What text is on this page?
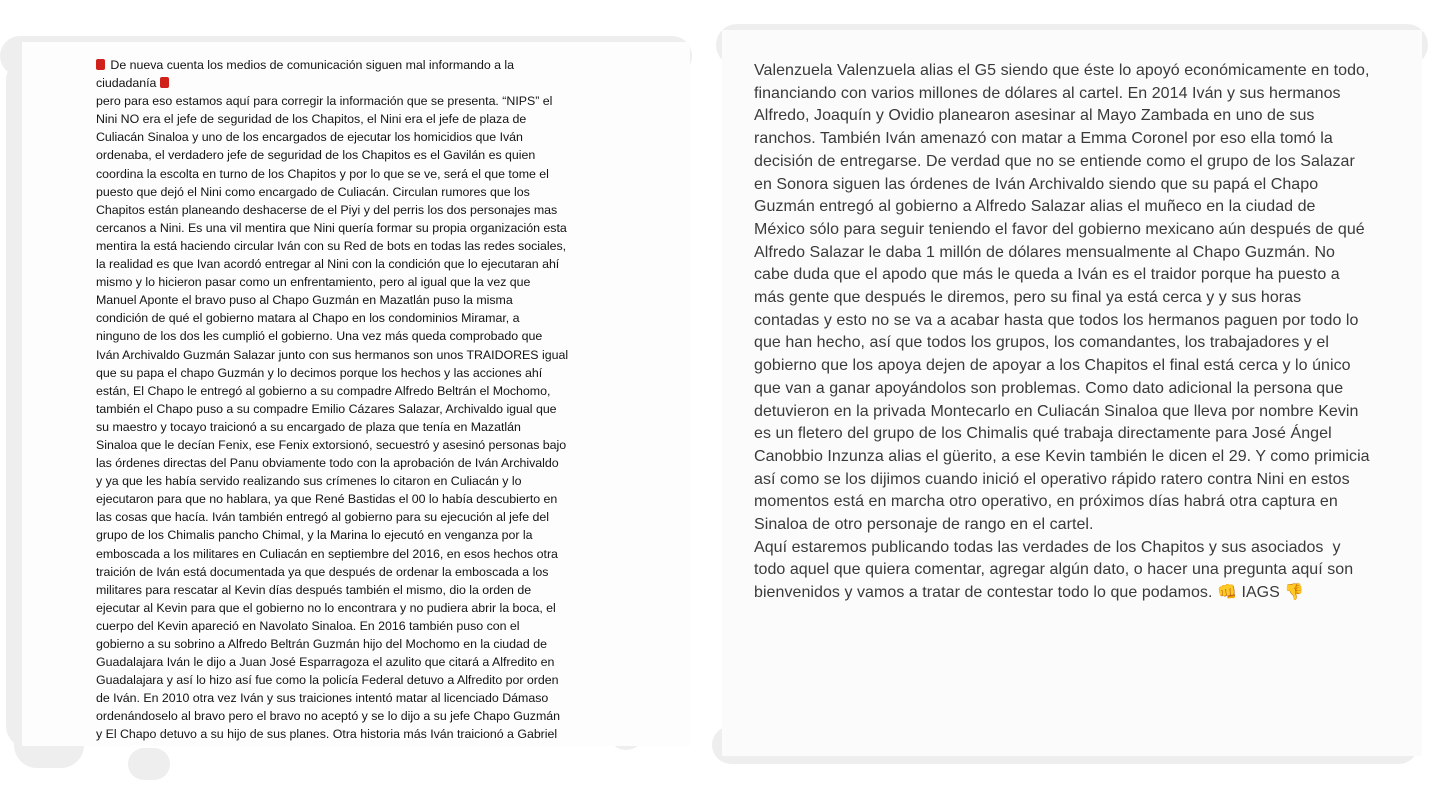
De nueva cuenta los medios de comunicación siguen mal informando a la
ciudadanía
pero para eso estamos aquí para corregir la información que se presenta. “NIPS” el
Nini NO era el jefe de seguridad de los Chapitos, el Nini era el jefe de plaza de
Culiacán Sinaloa y uno de los encargados de ejecutar los homicidios que Iván
ordenaba, el verdadero jefe de seguridad de los Chapitos es el Gavilán es quien
coordina la escolta en turno de los Chapitos y por lo que se ve, será el que tome el
puesto que dejó el Nini como encargado de Culiacán. Circulan rumores que los
Chapitos están planeando deshacerse de el Piyi y del perris los dos personajes mas
cercanos a Nini. Es una vil mentira que Nini quería formar su propia organización esta
mentira la está haciendo circular Iván con su Red de bots en todas las redes sociales,
la realidad es que Ivan acordó entregar al Nini con la condición que lo ejecutaran ahí
mismo y lo hicieron pasar como un enfrentamiento, pero al igual que la vez que
Manuel Aponte el bravo puso al Chapo Guzmán en Mazatlán puso la misma
condición de qué el gobierno matara al Chapo en los condominios Miramar, a
ninguno de los dos les cumplió el gobierno. Una vez más queda comprobado que
Iván Archivaldo Guzmán Salazar junto con sus hermanos son unos TRAIDORES igual
que su papa el chapo Guzmán y lo decimos porque los hechos y las acciones ahí
están, El Chapo le entregó al gobierno a su compadre Alfredo Beltrán el Mochomo,
también el Chapo puso a su compadre Emilio Cázares Salazar, Archivaldo igual que
su maestro y tocayo traicionó a su encargado de plaza que tenía en Mazatlán
Sinaloa que le decían Fenix, ese Fenix extorsionó, secuestró y asesinó personas bajo
las órdenes directas del Panu obviamente todo con la aprobación de Iván Archivaldo
y ya que les había servido realizando sus crímenes lo citaron en Culiacán y lo
ejecutaron para que no hablara, ya que René Bastidas el 00 lo había descubierto en
las cosas que hacía. Iván también entregó al gobierno para su ejecución al jefe del
grupo de los Chimalis pancho Chimal, y la Marina lo ejecutó en venganza por la
emboscada a los militares en Culiacán en septiembre del 2016, en esos hechos otra
traición de Iván está documentada ya que después de ordenar la emboscada a los
militares para rescatar al Kevin días después también el mismo, dio la orden de
ejecutar al Kevin para que el gobierno no lo encontrara y no pudiera abrir la boca, el
cuerpo del Kevin apareció en Navolato Sinaloa. En 2016 también puso con el
gobierno a su sobrino a Alfredo Beltrán Guzmán hijo del Mochomo en la ciudad de
Guadalajara Iván le dijo a Juan José Esparragoza el azulito que citará a Alfredito en
Guadalajara y así lo hizo así fue como la policía Federal detuvo a Alfredito por orden
de Iván. En 2010 otra vez Iván y sus traiciones intentó matar al licenciado Dámaso
ordenándoselo al bravo pero el bravo no aceptó y se lo dijo a su jefe Chapo Guzmán
y El Chapo detuvo a su hijo de sus planes. Otra historia más Iván traicionó a Gabriel
Valenzuela Valenzuela alias el G5 siendo que éste lo apoyó económicamente en todo,
financiando con varios millones de dólares al cartel. En 2014 Iván y sus hermanos
Alfredo, Joaquín y Ovidio planearon asesinar al Mayo Zambada en uno de sus
ranchos. También Iván amenazó con matar a Emma Coronel por eso ella tomó la
decisión de entregarse. De verdad que no se entiende como el grupo de los Salazar
en Sonora siguen las órdenes de Iván Archivaldo siendo que su papá el Chapo
Guzmán entregó al gobierno a Alfredo Salazar alias el muñeco en la ciudad de
México sólo para seguir teniendo el favor del gobierno mexicano aún después de qué
Alfredo Salazar le daba 1 millón de dólares mensualmente al Chapo Guzmán. No
cabe duda que el apodo que más le queda a Iván es el traidor porque ha puesto a
más gente que después le diremos, pero su final ya está cerca y y sus horas
contadas y esto no se va a acabar hasta que todos los hermanos paguen por todo lo
que han hecho, así que todos los grupos, los comandantes, los trabajadores y el
gobierno que los apoya dejen de apoyar a los Chapitos el final está cerca y lo único
que van a ganar apoyándolos son problemas. Como dato adicional la persona que
detuvieron en la privada Montecarlo en Culiacán Sinaloa que lleva por nombre Kevin
es un fletero del grupo de los Chimalis qué trabaja directamente para José Ángel
Canobbio Inzunza alias el güerito, a ese Kevin también le dicen el 29. Y como primicia
así como se los dijimos cuando inició el operativo rápido ratero contra Nini en estos
momentos está en marcha otro operativo, en próximos días habrá otra captura en
Sinaloa de otro personaje de rango en el cartel.
Aquí estaremos publicando todas las verdades de los Chapitos y sus asociados  y
todo aquel que quiera comentar, agregar algún dato, o hacer una pregunta aquí son
bienvenidos y vamos a tratar de contestar todo lo que podamos. 👊 IAGS 👎
